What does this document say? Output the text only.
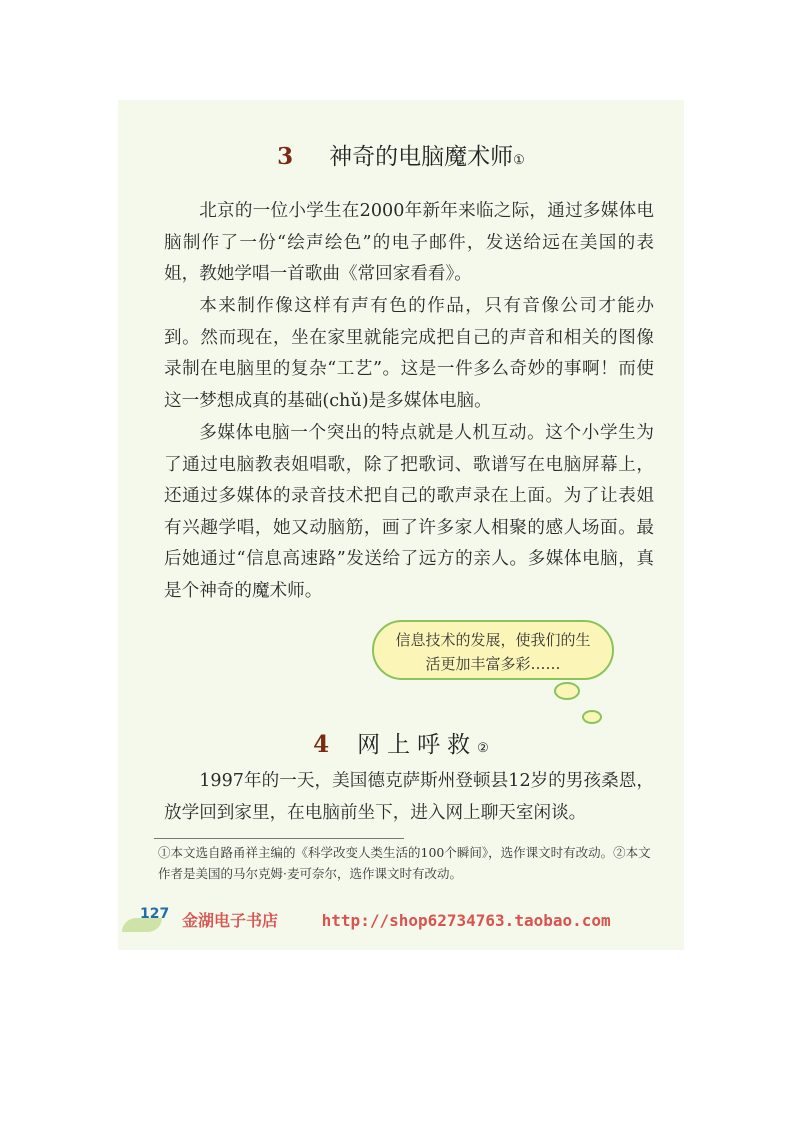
3 神奇的电脑魔术师$_①$

北京的一位小学生在2000年新年来临之际，通过多媒体电脑制作了一份“绘声绘色”的电子邮件，发送给远在美国的表姐，教她学唱一首歌曲《常回家看看》。

本来制作像这样有声有色的作品，只有音像公司才能办到。然而现在，坐在家里就能完成把自己的声音和相关的图像录制在电脑里的复杂“工艺”。这是一件多么奇妙的事啊！而使这一梦想成真的基础(chǔ)是多媒体电脑。

多媒体电脑一个突出的特点就是人机互动。这个小学生为了通过电脑教表姐唱歌，除了把歌词、歌谱写在电脑屏幕上，还通过多媒体的录音技术把自己的歌声录在上面。为了让表姐有兴趣学唱，她又动脑筋，画了许多家人相聚的感人场面。最后她通过“信息高速路”发送给了远方的亲人。多媒体电脑，真是个神奇的魔术师。

信息技术的发展，使我们的生活更加丰富多彩……
4 网上呼救$_②$

1997年的一天，美国德克萨斯州登顿县12岁的男孩桑恩，放学回到家里，在电脑前坐下，进入网上聊天室闲谈。

①本文选自路甬祥主编的《科学改变人类生活的100个瞬间》，选作课文时有改动。②本文作者是美国的马尔克姆·麦可奈尔，选作课文时有改动。

127 金湖电子书店	http://shop62734763.taobao.com
